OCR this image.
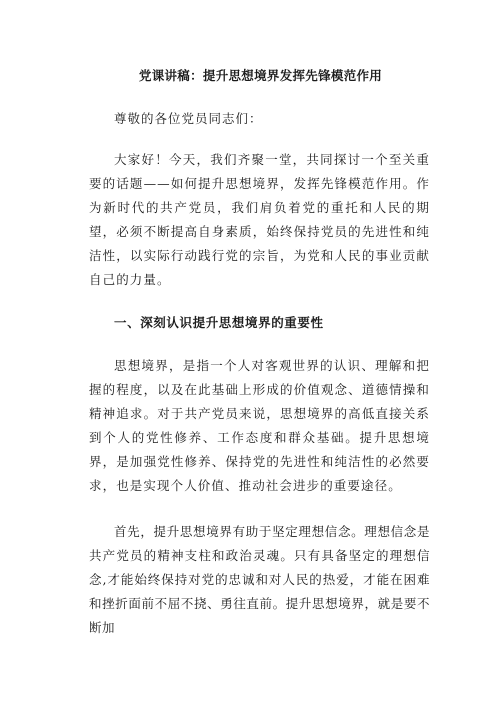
党课讲稿：提升思想境界发挥先锋模范作用
尊敬的各位党员同志们：

大家好！今天，我们齐聚一堂，共同探讨一个至关重要的话题——如何提升思想境界，发挥先锋模范作用。作为新时代的共产党员，我们肩负着党的重托和人民的期望，必须不断提高自身素质，始终保持党员的先进性和纯洁性，以实际行动践行党的宗旨，为党和人民的事业贡献自己的力量。

一、深刻认识提升思想境界的重要性

思想境界，是指一个人对客观世界的认识、理解和把握的程度，以及在此基础上形成的价值观念、道德情操和精神追求。对于共产党员来说，思想境界的高低直接关系到个人的党性修养、工作态度和群众基础。提升思想境界，是加强党性修养、保持党的先进性和纯洁性的必然要求，也是实现个人价值、推动社会进步的重要途径。

首先，提升思想境界有助于坚定理想信念。理想信念是共产党员的精神支柱和政治灵魂。只有具备坚定的理想信念,才能始终保持对党的忠诚和对人民的热爱，才能在困难和挫折面前不屈不挠、勇往直前。提升思想境界，就是要不断加
